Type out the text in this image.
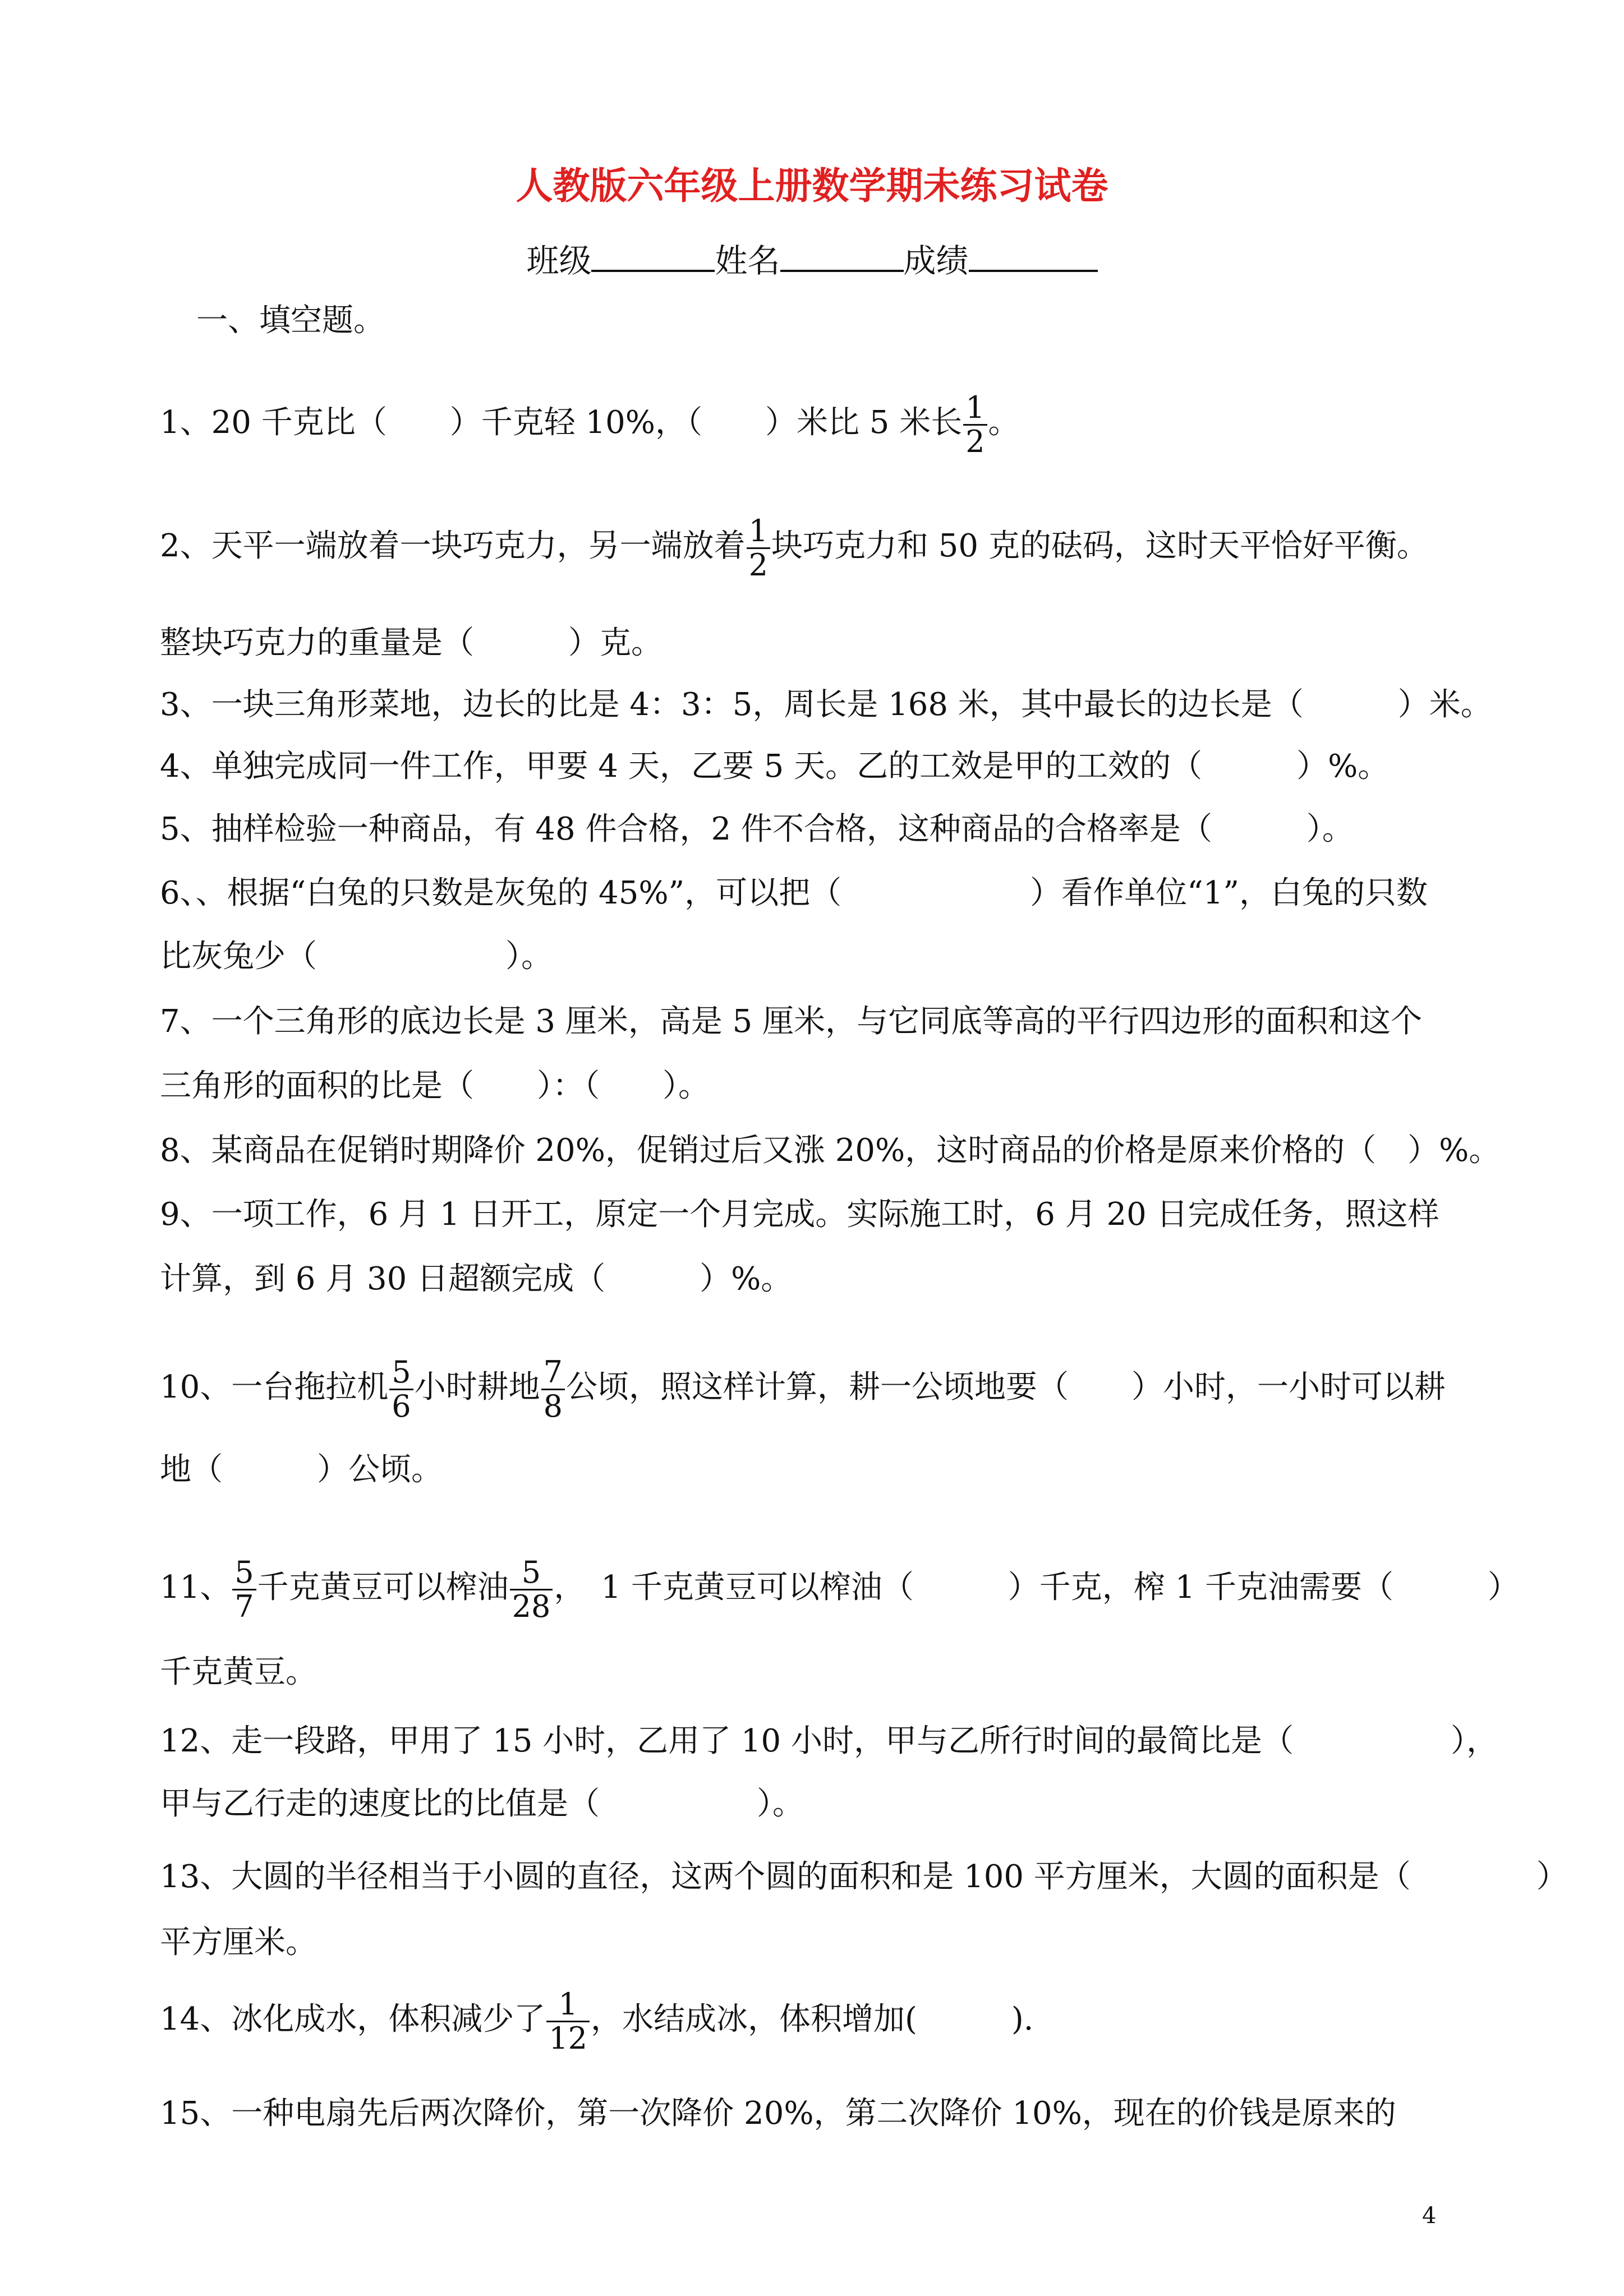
人教版六年级上册数学期未练习试卷
班级	姓名	成绩
一、填空题。
1、20 千克比（　　）千克轻 10%，（　　）米比 5 米长 $\frac{1}{2}$ 。
2、天平一端放着一块巧克力，另一端放着 $\frac{1}{2}$ 块巧克力和 50 克的砝码，这时天平恰好平衡。
整块巧克力的重量是（　　　）克。
3、一块三角形菜地，边长的比是 4：3：5，周长是 168 米，其中最长的边长是（　　　）米。
4、单独完成同一件工作，甲要 4 天，乙要 5 天。乙的工效是甲的工效的（　　　）%。
5、抽样检验一种商品，有 48 件合格，2 件不合格，这种商品的合格率是（　　　）。
6、、根据“白兔的只数是灰兔的 45%”，可以把（　　　　　　）看作单位“1”，白兔的只数
比灰兔少（　　　　　　）。
7、一个三角形的底边长是 3 厘米，高是 5 厘米，与它同底等高的平行四边形的面积和这个
三角形的面积的比是（　　）：（　　）。
8、某商品在促销时期降价 20%，促销过后又涨 20%，这时商品的价格是原来价格的（　）%。
9、一项工作，6 月 1 日开工，原定一个月完成。实际施工时，6 月 20 日完成任务，照这样
计算，到 6 月 30 日超额完成（　　　）%。
10、一台拖拉机 $\frac{5}{6}$ 小时耕地 $\frac{7}{8}$ 公顷，照这样计算，耕一公顷地要（　　）小时，一小时可以耕
地（　　　）公顷。
11、 $\frac{5}{7}$ 千克黄豆可以榨油 $\frac{5}{28}$ ，　1 千克黄豆可以榨油（　　　）千克，榨 1 千克油需要（　　　）
千克黄豆。
12、走一段路，甲用了 15 小时，乙用了 10 小时，甲与乙所行时间的最简比是（　　　　　），
甲与乙行走的速度比的比值是（　　　　　）。
13、大圆的半径相当于小圆的直径，这两个圆的面积和是 100 平方厘米，大圆的面积是（　　　　）
平方厘米。
14、冰化成水，体积减少了 $\frac{1}{12}$ ，水结成冰，体积增加(　　　).
15、一种电扇先后两次降价，第一次降价 20%，第二次降价 10%，现在的价钱是原来的
4
